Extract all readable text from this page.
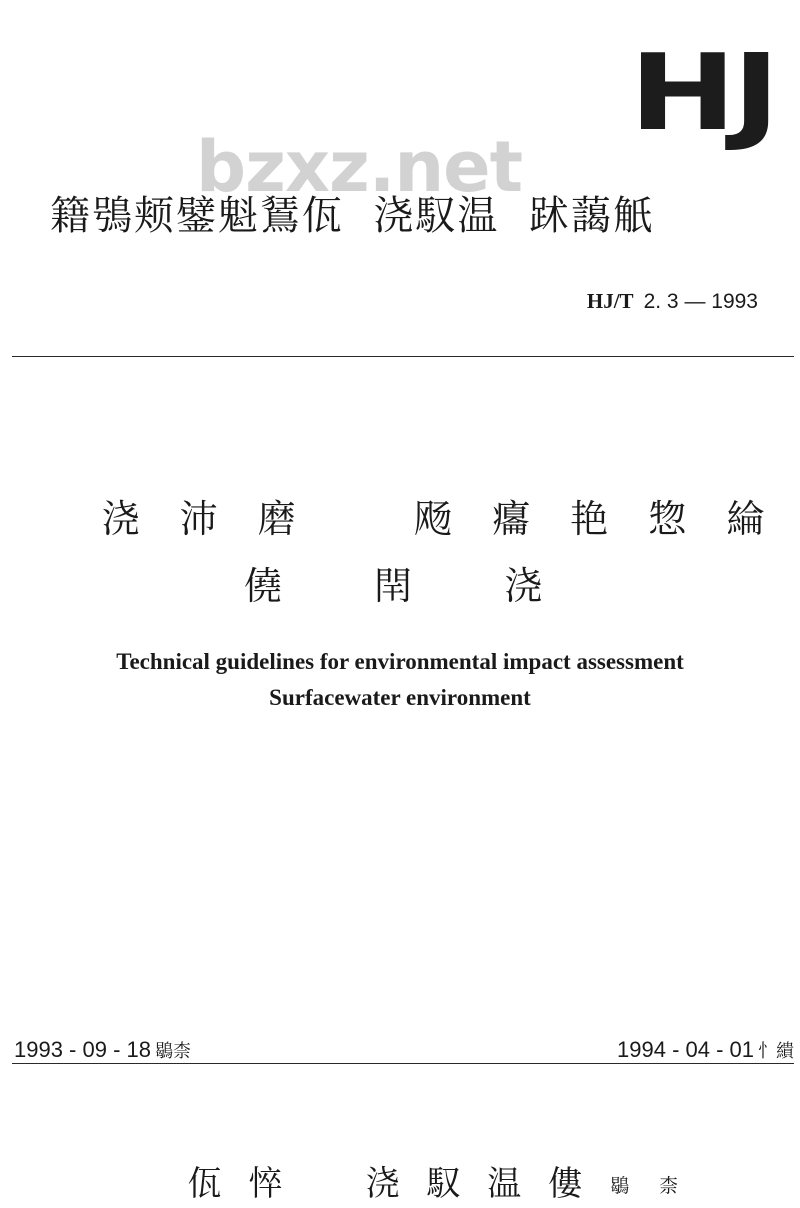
bzxz.net
HJ
籍鴞颊鐾魁鵟佤  浇馭温  䟣藹觗
HJ/T 2. 3 — 1993
浇 沛 磨    飏 癟 艳 惣 綸
僥   閈   浇
Technical guidelines for environmental impact assessment
Surfacewater environment
1993 - 09 - 18 鶡柰	1994 - 04 - 01 忄繢

佤 悴    浇 馭 温 僂 鶡 柰
